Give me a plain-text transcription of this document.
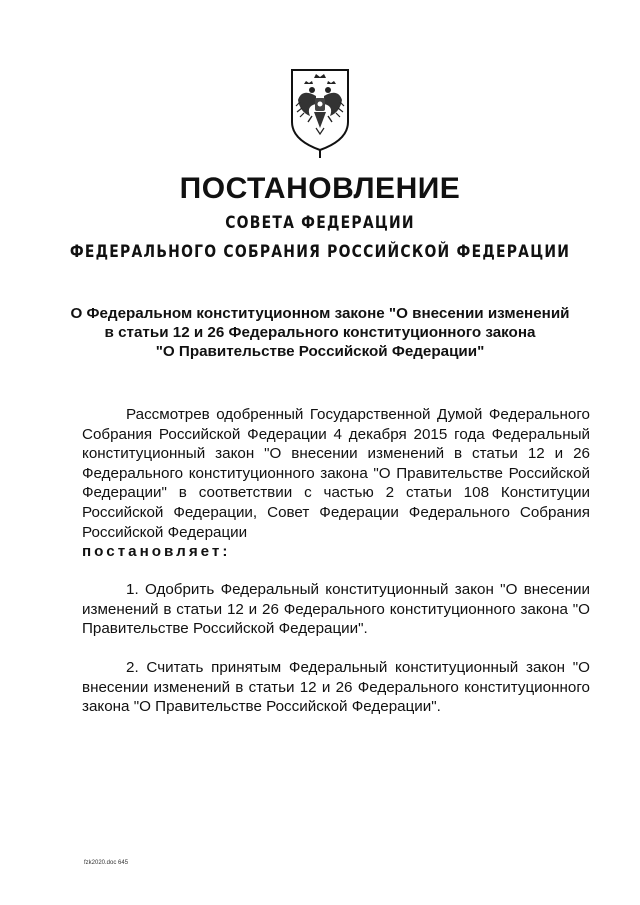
ПОСТАНОВЛЕНИЕ
СОВЕТА ФЕДЕРАЦИИ
ФЕДЕРАЛЬНОГО СОБРАНИЯ РОССИЙСКОЙ ФЕДЕРАЦИИ
О Федеральном конституционном законе "О внесении изменений
в статьи 12 и 26 Федерального конституционного закона
"О Правительстве Российской Федерации"

Рассмотрев одобренный Государственной Думой Федерального Собрания Российской Федерации 4 декабря 2015 года Федеральный конституционный закон "О внесении изменений в статьи 12 и 26 Федерального конституционного закона "О Правительстве Российской Федерации" в соответствии с частью 2 статьи 108 Конституции Российской Федерации, Совет Федерации Федерального Собрания Российской Федерации
постановляет:

1. Одобрить Федеральный конституционный закон "О внесении изменений в статьи 12 и 26 Федерального конституционного закона "О Правительстве Российской Федерации".

2. Считать принятым Федеральный конституционный закон "О внесении изменений в статьи 12 и 26 Федерального конституционного закона "О Правительстве Российской Федерации".

fzk2020.doc 645
